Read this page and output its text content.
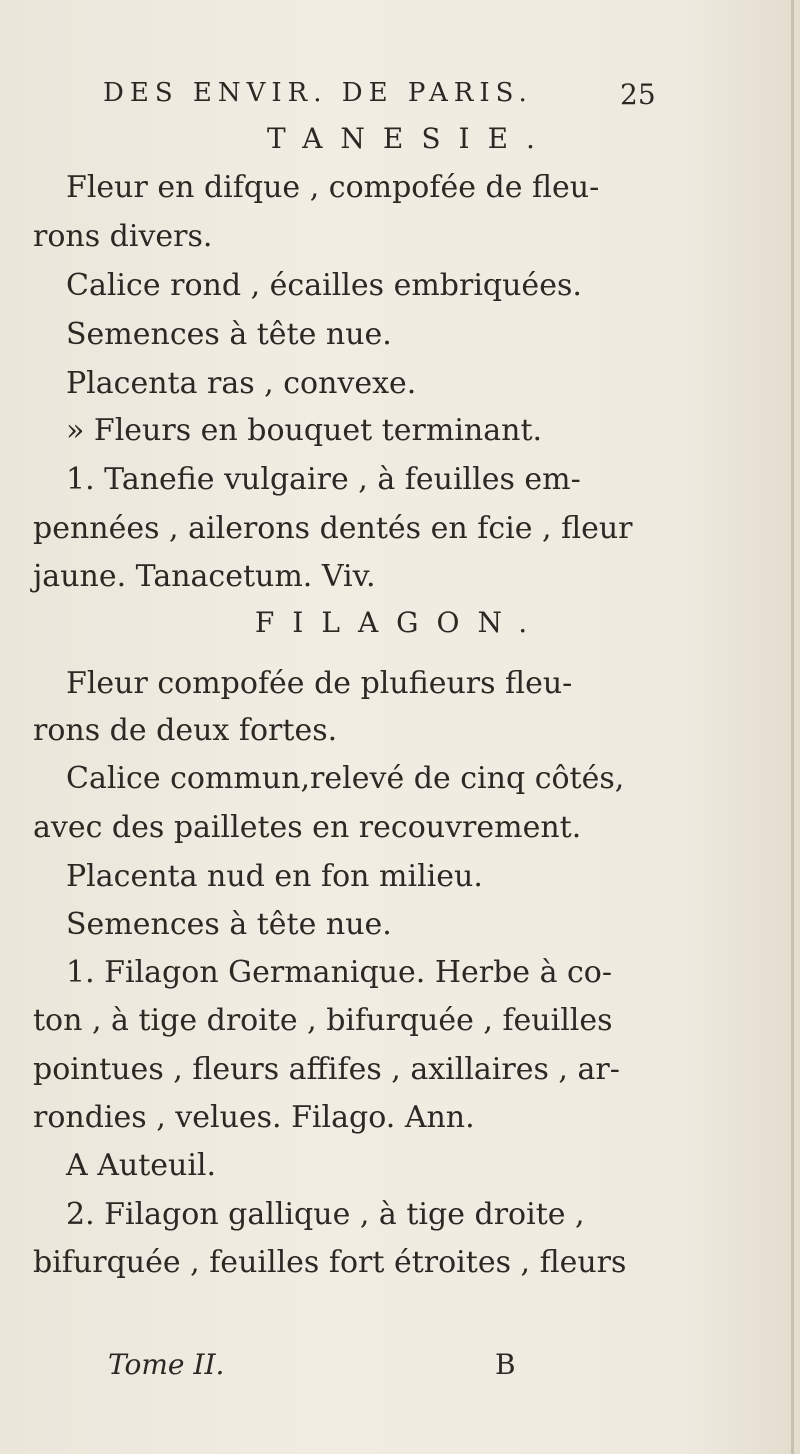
DES ENVIR. DE PARIS.	25
TANESIE.
Fleur en difque , compofée de fleu-
rons divers.
Calice rond , écailles embriquées.
Semences à tête nue.
Placenta ras , convexe.
» Fleurs en bouquet terminant.
1. Tanefie vulgaire , à feuilles em-
pennées , ailerons dentés en fcie , fleur
jaune. Tanacetum. Viv.
FILAGON.
Fleur compofée de plufieurs fleu-
rons de deux fortes.
Calice commun,relevé de cinq côtés,
avec des pailletes en recouvrement.
Placenta nud en fon milieu.
Semences à tête nue.
1. Filagon Germanique. Herbe à co-
ton , à tige droite , bifurquée , feuilles
pointues , fleurs affifes , axillaires , ar-
rondies , velues. Filago. Ann.
A Auteuil.
2. Filagon gallique , à tige droite ,
bifurquée , feuilles fort étroites , fleurs
Tome II.	B
